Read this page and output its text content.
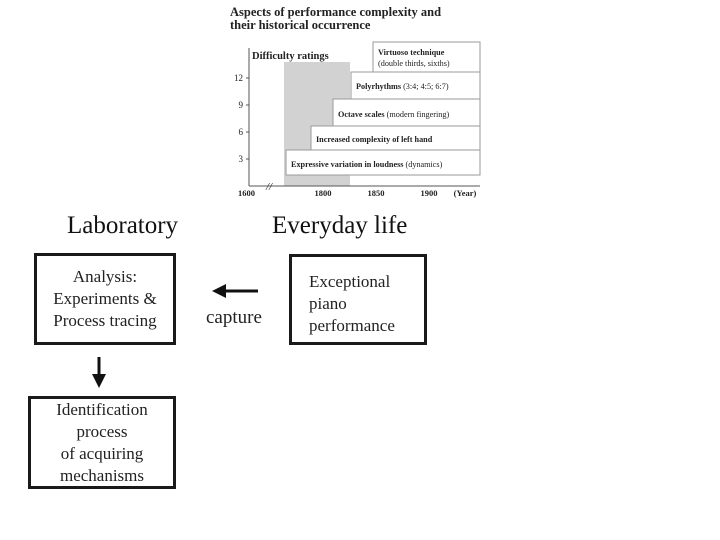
Aspects of performance complexity and
their historical occurrence
12
9
6
3
Difficulty ratings
Expressive variation in loudness (dynamics)
Increased complexity of left hand
Octave scales (modern fingering)
Polyrhythms (3:4; 4:5; 6:7)
Virtuoso technique
(double thirds, sixths)
//
1600	1800	1850	1900 (Year)
Laboratory	Everyday life
Analysis:
Experiments &
Process tracing
Exceptional
piano
performance
capture
Identification
process
of acquiring
mechanisms
